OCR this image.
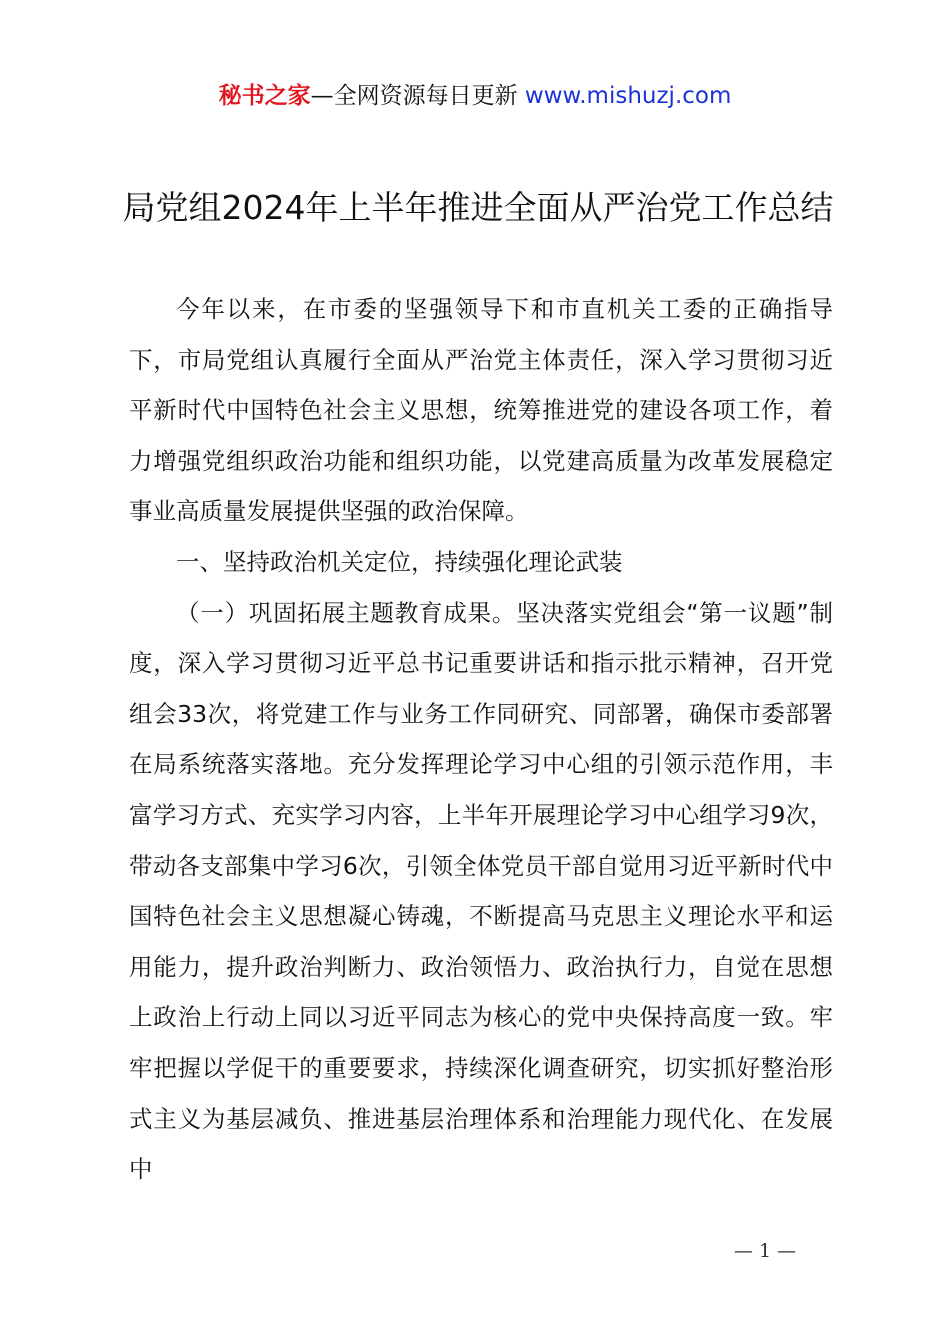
秘书之家—全网资源每日更新 www.mishuzj.com
局党组2024年上半年推进全面从严治党工作总结

今年以来，在市委的坚强领导下和市直机关工委的正确指导下，市局党组认真履行全面从严治党主体责任，深入学习贯彻习近平新时代中国特色社会主义思想，统筹推进党的建设各项工作，着力增强党组织政治功能和组织功能，以党建高质量为改革发展稳定事业高质量发展提供坚强的政治保障。

一、坚持政治机关定位，持续强化理论武装

（一）巩固拓展主题教育成果。坚决落实党组会“第一议题”制度，深入学习贯彻习近平总书记重要讲话和指示批示精神，召开党组会33次，将党建工作与业务工作同研究、同部署，确保市委部署在局系统落实落地。充分发挥理论学习中心组的引领示范作用，丰富学习方式、充实学习内容，上半年开展理论学习中心组学习9次，带动各支部集中学习6次，引领全体党员干部自觉用习近平新时代中国特色社会主义思想凝心铸魂，不断提高马克思主义理论水平和运用能力，提升政治判断力、政治领悟力、政治执行力，自觉在思想上政治上行动上同以习近平同志为核心的党中央保持高度一致。牢牢把握以学促干的重要要求，持续深化调查研究，切实抓好整治形式主义为基层减负、推进基层治理体系和治理能力现代化、在发展中

— 1 —
